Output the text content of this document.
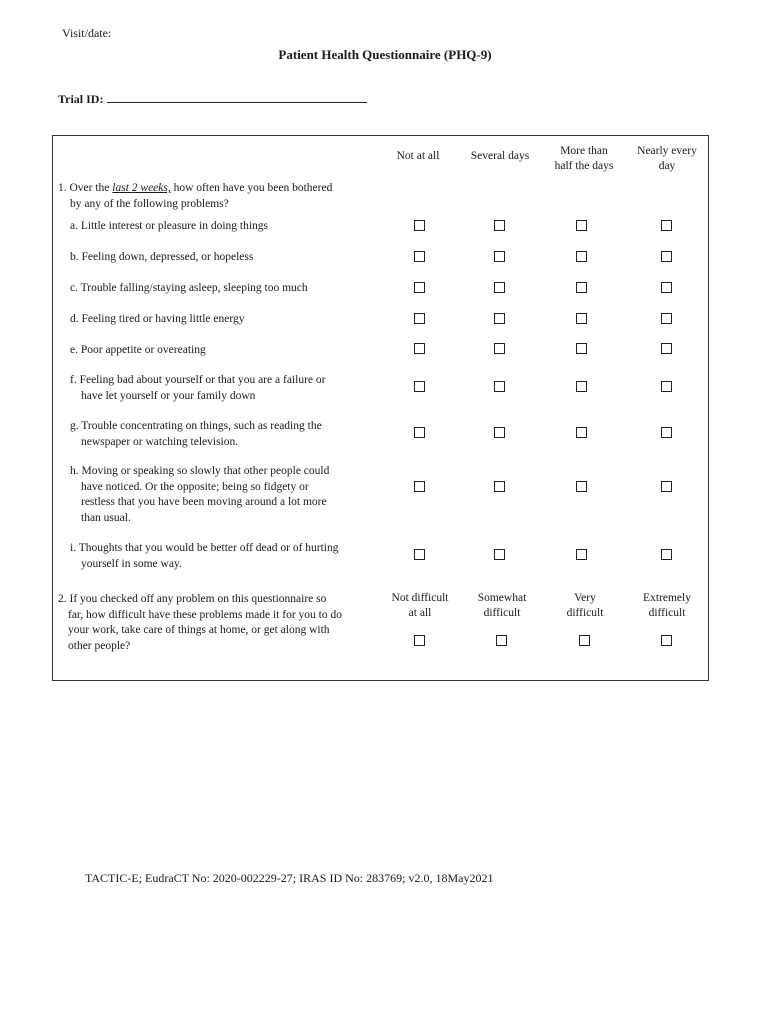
Visit/date:
Patient Health Questionnaire (PHQ-9)
Trial ID:
Not at all	Several days	More than
half the days
Nearly every
day
1. Over the last 2 weeks, how often have you been bothered
by any of the following problems?
a. Little interest or pleasure in doing things
b. Feeling down, depressed, or hopeless
c. Trouble falling/staying asleep, sleeping too much
d. Feeling tired or having little energy
e. Poor appetite or overeating
f. Feeling bad about yourself or that you are a failure or
have let yourself or your family down
g. Trouble concentrating on things, such as reading the
newspaper or watching television.
h. Moving or speaking so slowly that other people could
have noticed. Or the opposite; being so fidgety or
restless that you have been moving around a lot more
than usual.
i. Thoughts that you would be better off dead or of hurting
yourself in some way.
2. If you checked off any problem on this questionnaire so
far, how difficult have these problems made it for you to do
your work, take care of things at home, or get along with
other people?
Not difficult
at all
Somewhat
difficult
Very
difficult
Extremely
difficult
TACTIC-E; EudraCT No: 2020-002229-27; IRAS ID No: 283769; v2.0, 18May2021
